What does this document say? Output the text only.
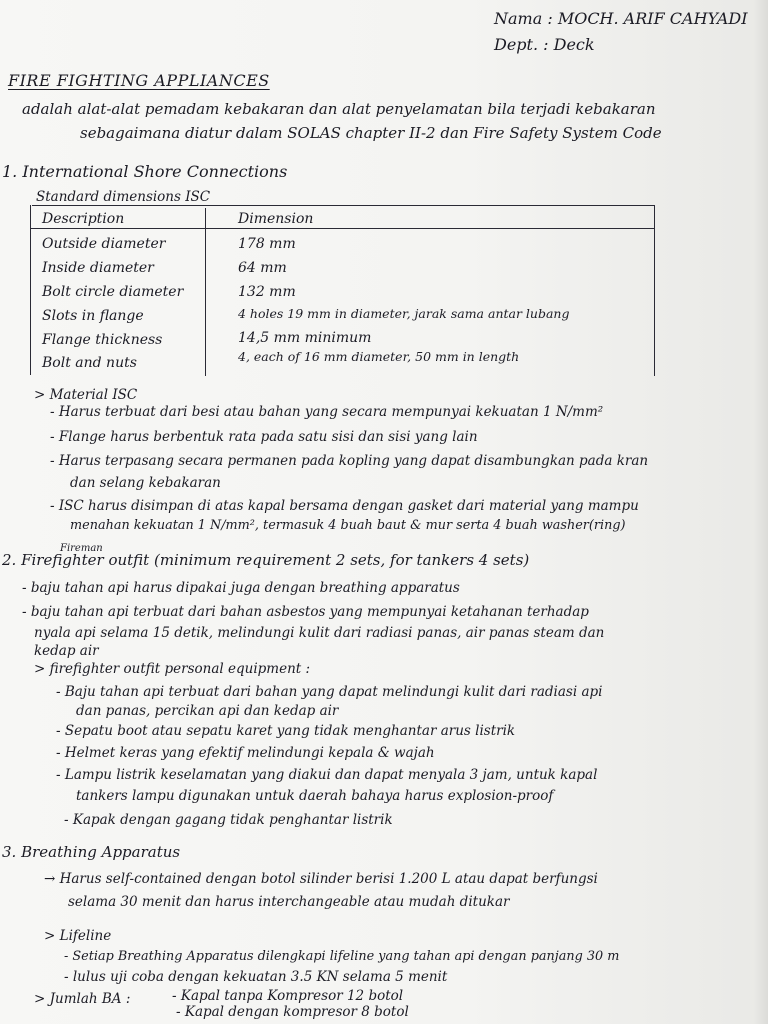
Nama : MOCH. ARIF CAHYADI
Dept. : Deck
FIRE FIGHTING APPLIANCES
adalah alat-alat pemadam kebakaran dan alat penyelamatan bila terjadi kebakaran
sebagaimana diatur dalam SOLAS chapter II-2 dan Fire Safety System Code
1. International Shore Connections
Standard dimensions ISC
Description	Dimension
Outside diameter	178 mm
Inside diameter	64 mm
Bolt circle diameter	132 mm
Slots in flange	4 holes 19 mm in diameter, jarak sama antar lubang
Flange thickness	14,5 mm minimum
Bolt and nuts	4, each of 16 mm diameter, 50 mm in length
> Material ISC
- Harus terbuat dari besi atau bahan yang secara mempunyai kekuatan 1 N/mm²
- Flange harus berbentuk rata pada satu sisi dan sisi yang lain
- Harus terpasang secara permanen pada kopling yang dapat disambungkan pada kran
dan selang kebakaran
- ISC harus disimpan di atas kapal bersama dengan gasket dari material yang mampu
menahan kekuatan 1 N/mm², termasuk 4 buah baut & mur serta 4 buah washer(ring)
Fireman
2. Firefighter outfit (minimum requirement 2 sets, for tankers 4 sets)
- baju tahan api harus dipakai juga dengan breathing apparatus
- baju tahan api terbuat dari bahan asbestos yang mempunyai ketahanan terhadap
nyala api selama 15 detik, melindungi kulit dari radiasi panas, air panas steam dan
kedap air
> firefighter outfit personal equipment :
- Baju tahan api terbuat dari bahan yang dapat melindungi kulit dari radiasi api
dan panas, percikan api dan kedap air
- Sepatu boot atau sepatu karet yang tidak menghantar arus listrik
- Helmet keras yang efektif melindungi kepala & wajah
- Lampu listrik keselamatan yang diakui dan dapat menyala 3 jam, untuk kapal
tankers lampu digunakan untuk daerah bahaya harus explosion-proof
- Kapak dengan gagang tidak penghantar listrik
3. Breathing Apparatus
→ Harus self-contained dengan botol silinder berisi 1.200 L atau dapat berfungsi
selama 30 menit dan harus interchangeable atau mudah ditukar
> Lifeline
- Setiap Breathing Apparatus dilengkapi lifeline yang tahan api dengan panjang 30 m
- lulus uji coba dengan kekuatan 3.5 KN selama 5 menit
> Jumlah BA :	- Kapal tanpa Kompresor 12 botol
- Kapal dengan kompresor 8 botol
